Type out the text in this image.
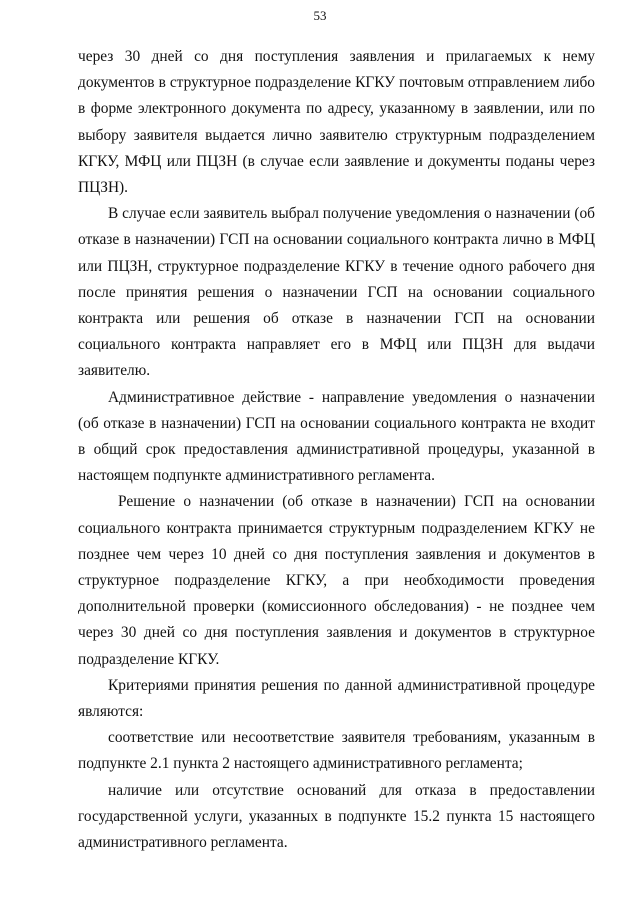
53

через 30 дней со дня поступления заявления и прилагаемых к нему документов в структурное подразделение КГКУ почтовым отправлением либо в форме электронного документа по адресу, указанному в заявлении, или по выбору заявителя выдается лично заявителю структурным подразделением КГКУ, МФЦ или ПЦЗН (в случае если заявление и документы поданы через ПЦЗН).

В случае если заявитель выбрал получение уведомления о назначении (об отказе в назначении) ГСП на основании социального контракта лично в МФЦ или ПЦЗН, структурное подразделение КГКУ в течение одного рабочего дня после принятия решения о назначении ГСП на основании социального контракта или решения об отказе в назначении ГСП на основании социального контракта направляет его в МФЦ или ПЦЗН для выдачи заявителю.

Административное действие - направление уведомления о назначении (об отказе в назначении) ГСП на основании социального контракта не входит в общий срок предоставления административной процедуры, указанной в настоящем подпункте административного регламента.

Решение о назначении (об отказе в назначении) ГСП на основании социального контракта принимается структурным подразделением КГКУ не позднее чем через 10 дней со дня поступления заявления и документов в структурное подразделение КГКУ, а при необходимости проведения дополнительной проверки (комиссионного обследования) - не позднее чем через 30 дней со дня поступления заявления и документов в структурное подразделение КГКУ.

Критериями принятия решения по данной административной процедуре являются:

соответствие или несоответствие заявителя требованиям, указанным в подпункте 2.1 пункта 2 настоящего административного регламента;

наличие или отсутствие оснований для отказа в предоставлении государственной услуги, указанных в подпункте 15.2 пункта 15 настоящего административного регламента.
